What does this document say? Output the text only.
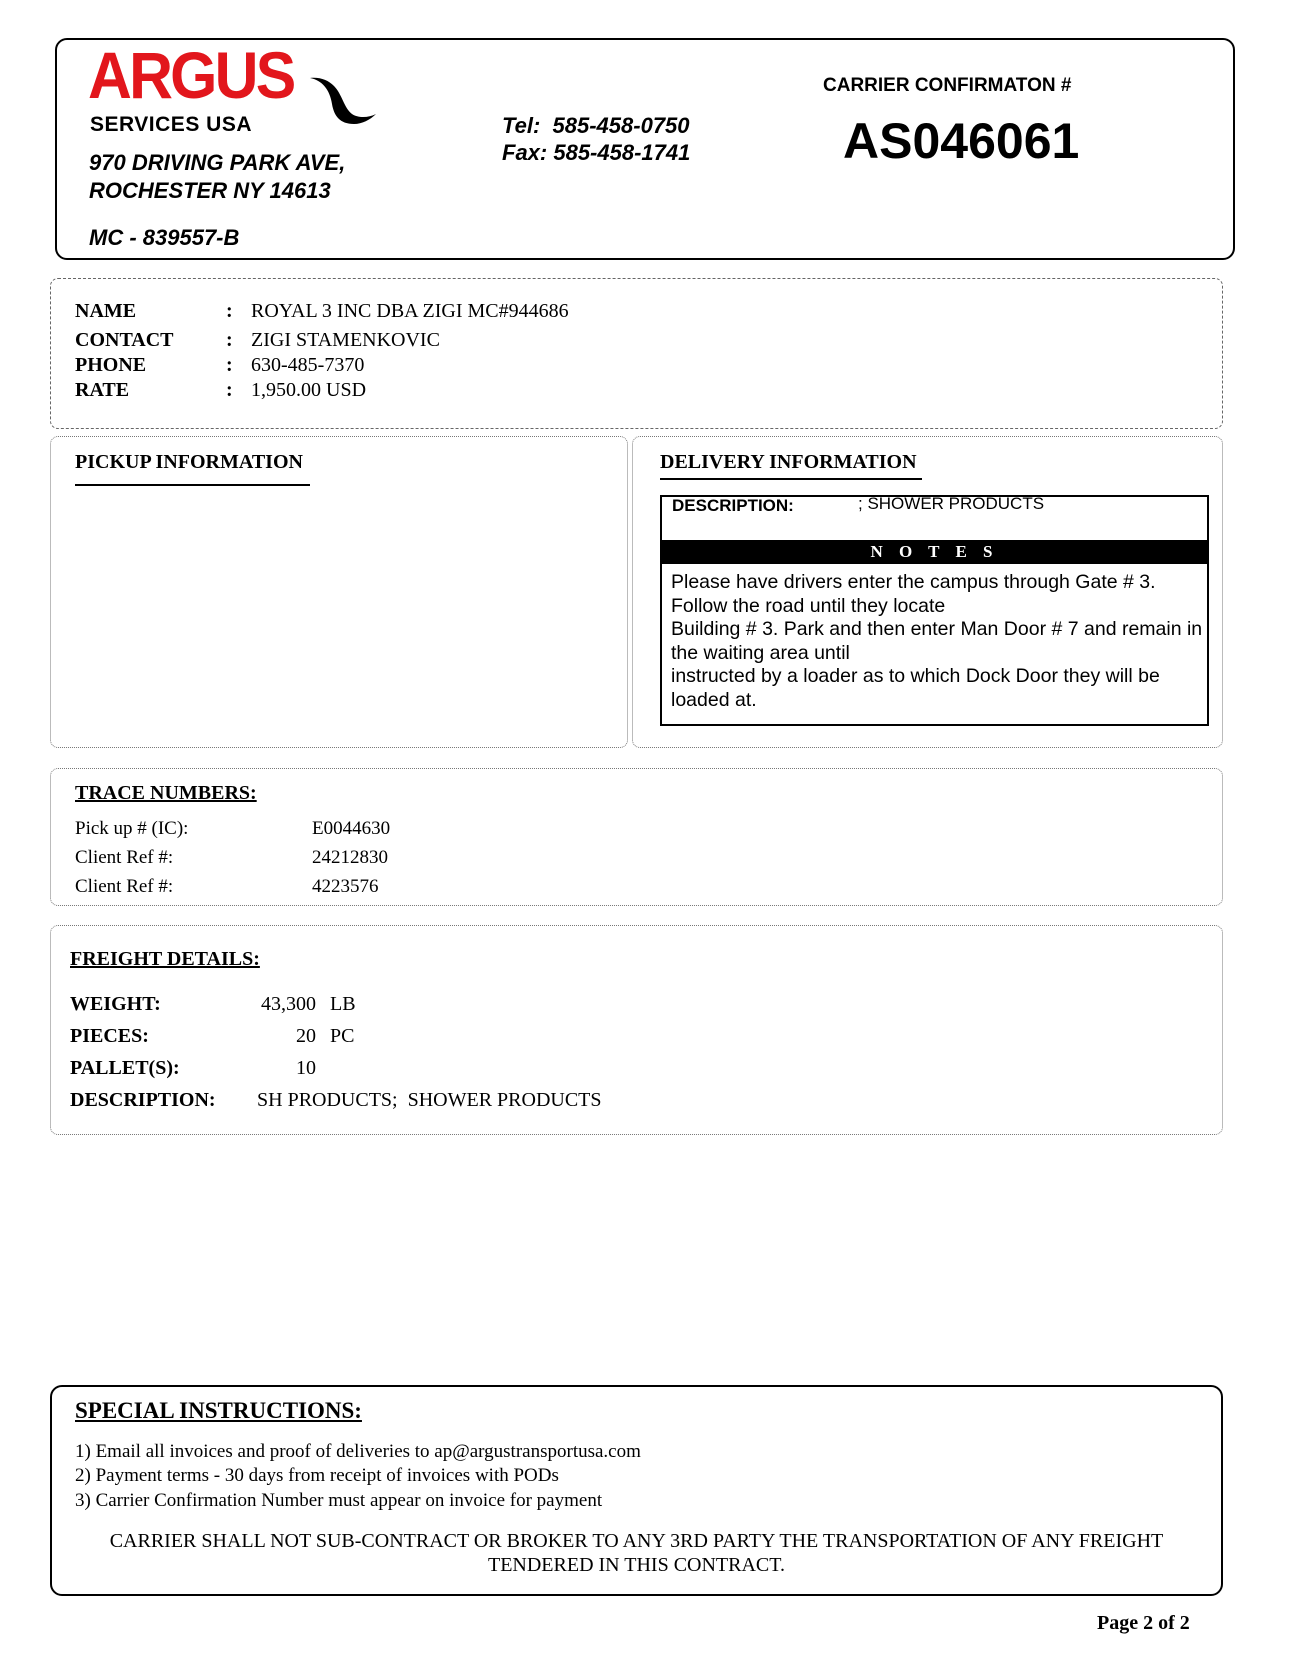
ARGUS
SERVICES USA
970 DRIVING PARK AVE,
ROCHESTER NY 14613
MC - 839557-B
Tel:  585-458-0750
Fax: 585-458-1741
CARRIER CONFIRMATON #
AS046061
NAME	: ROYAL 3 INC DBA ZIGI MC#944686
CONTACT	: ZIGI STAMENKOVIC
PHONE	: 630-485-7370
RATE	: 1,950.00 USD
PICKUP INFORMATION	DELIVERY INFORMATION
DESCRIPTION:	; SHOWER PRODUCTS
N O T E S
Please have drivers enter the campus through Gate # 3. Follow the road until they locate
Building # 3. Park and then enter Man Door # 7 and remain in the waiting area until
instructed by a loader as to which Dock Door they will be loaded at.
TRACE NUMBERS:
Pick up # (IC):	E0044630
Client Ref #:	24212830
Client Ref #:	4223576
FREIGHT DETAILS:
WEIGHT:	43,300 LB
PIECES:	20 PC
PALLET(S):	10
DESCRIPTION: SH PRODUCTS;  SHOWER PRODUCTS
SPECIAL INSTRUCTIONS:
1) Email all invoices and proof of deliveries to ap@argustransportusa.com
2) Payment terms - 30 days from receipt of invoices with PODs
3) Carrier Confirmation Number must appear on invoice for payment
CARRIER SHALL NOT SUB-CONTRACT OR BROKER TO ANY 3RD PARTY THE TRANSPORTATION OF ANY FREIGHT TENDERED IN THIS CONTRACT.
Page 2 of 2
